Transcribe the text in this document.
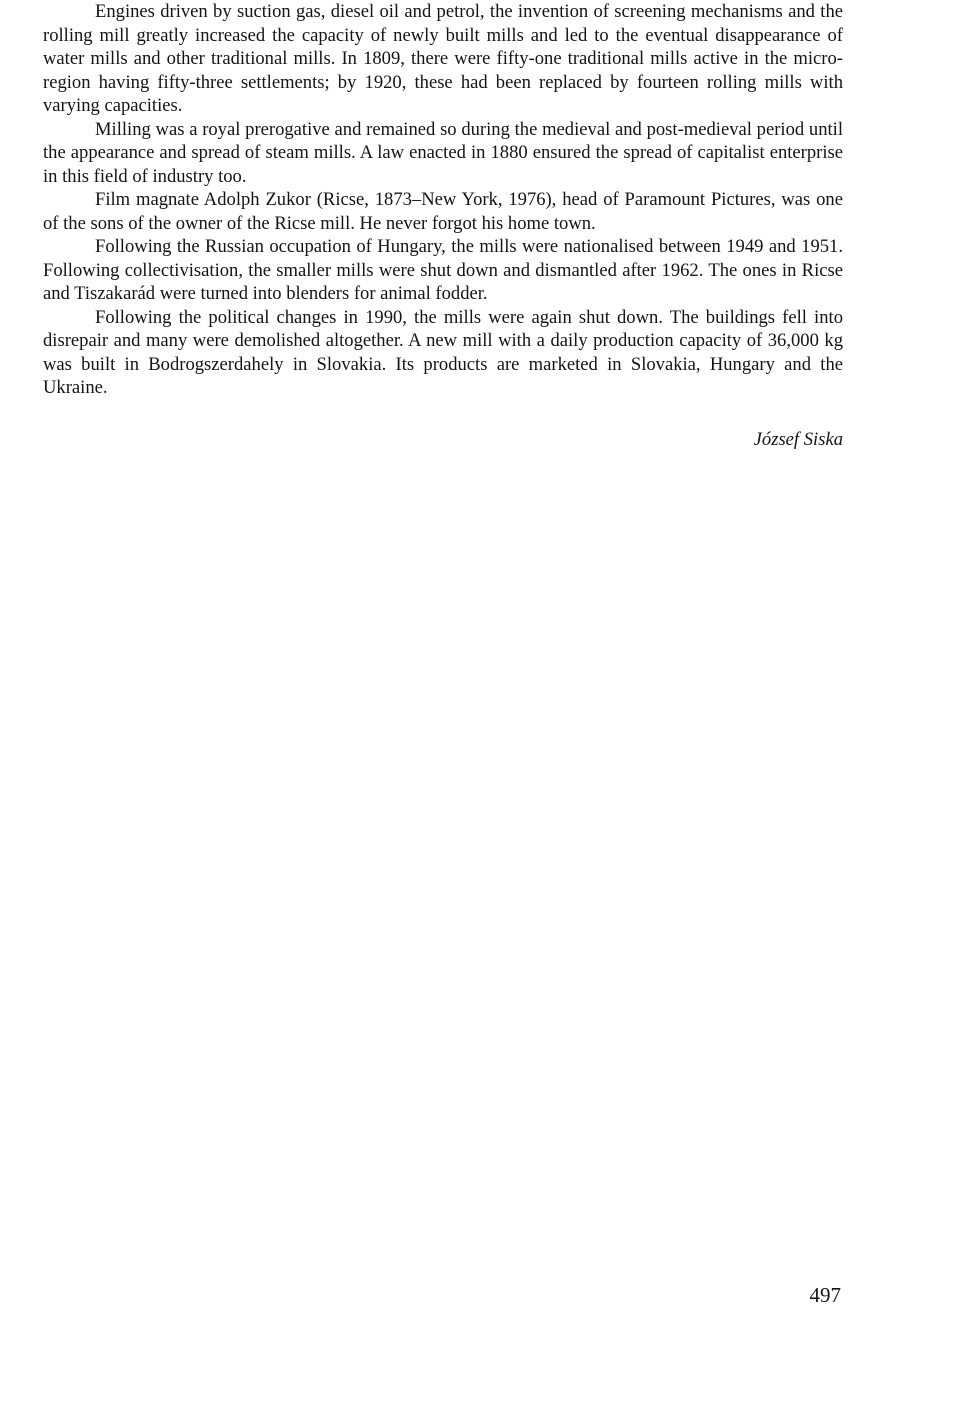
Engines driven by suction gas, diesel oil and petrol, the invention of screening mechanisms and the rolling mill greatly increased the capacity of newly built mills and led to the eventual disappearance of water mills and other traditional mills. In 1809, there were fifty-one traditional mills active in the micro-region having fifty-three settlements; by 1920, these had been replaced by fourteen rolling mills with varying capacities.

Milling was a royal prerogative and remained so during the medieval and post-medieval period until the appearance and spread of steam mills. A law enacted in 1880 ensured the spread of capitalist enterprise in this field of industry too.

Film magnate Adolph Zukor (Ricse, 1873–New York, 1976), head of Paramount Pictures, was one of the sons of the owner of the Ricse mill. He never forgot his home town.

Following the Russian occupation of Hungary, the mills were nationalised between 1949 and 1951. Following collectivisation, the smaller mills were shut down and dismantled after 1962. The ones in Ricse and Tiszakarád were turned into blenders for animal fodder.

Following the political changes in 1990, the mills were again shut down. The buildings fell into disrepair and many were demolished altogether. A new mill with a daily production capacity of 36,000 kg was built in Bodrogszerdahely in Slovakia. Its products are marketed in Slovakia, Hungary and the Ukraine.

József Siska
497
